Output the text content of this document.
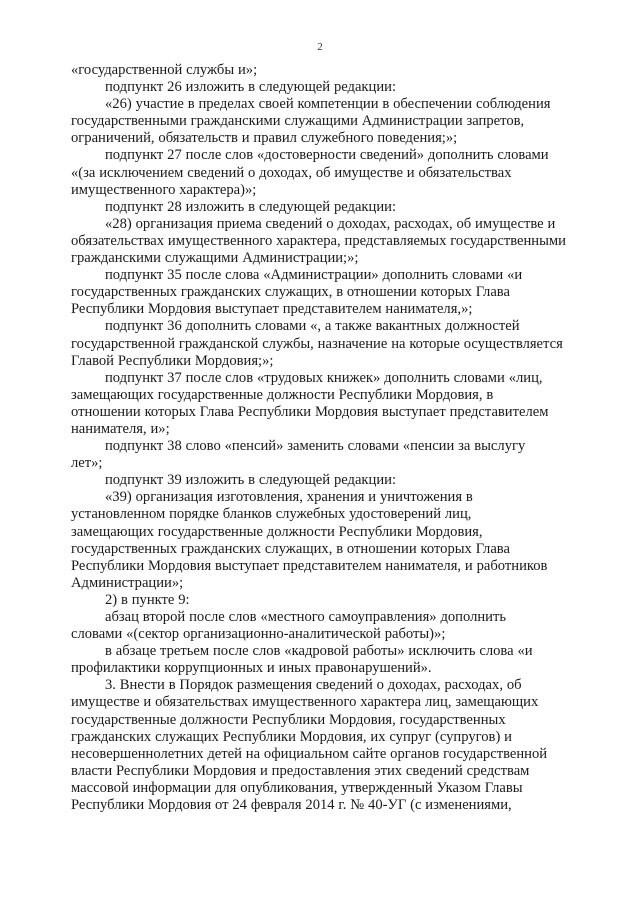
2

«государственной службы и»;

подпункт 26 изложить в следующей редакции:

«26) участие в пределах своей компетенции в обеспечении соблюдения
государственными гражданскими служащими Администрации запретов,
ограничений, обязательств и правил служебного поведения;»;

подпункт 27 после слов «достоверности сведений» дополнить словами
«(за исключением сведений о доходах, об имуществе и обязательствах
имущественного характера)»;

подпункт 28 изложить в следующей редакции:

«28) организация приема сведений о доходах, расходах, об имуществе и
обязательствах имущественного характера, представляемых государственными
гражданскими служащими Администрации;»;

подпункт 35 после слова «Администрации» дополнить словами «и
государственных гражданских служащих, в отношении которых Глава
Республики Мордовия выступает представителем нанимателя,»;

подпункт 36 дополнить словами «, а также вакантных должностей
государственной гражданской службы, назначение на которые осуществляется
Главой Республики Мордовия;»;

подпункт 37 после слов «трудовых книжек» дополнить словами «лиц,
замещающих государственные должности Республики Мордовия, в
отношении которых Глава Республики Мордовия выступает представителем
нанимателя, и»;

подпункт 38 слово «пенсий» заменить словами «пенсии за выслугу
лет»;

подпункт 39 изложить в следующей редакции:

«39) организация изготовления, хранения и уничтожения в
установленном порядке бланков служебных удостоверений лиц,
замещающих государственные должности Республики Мордовия,
государственных гражданских служащих, в отношении которых Глава
Республики Мордовия выступает представителем нанимателя, и работников
Администрации»;

2) в пункте 9:

абзац второй после слов «местного самоуправления» дополнить
словами «(сектор организационно-аналитической работы)»;

в абзаце третьем после слов «кадровой работы» исключить слова «и
профилактики коррупционных и иных правонарушений».

3. Внести в Порядок размещения сведений о доходах, расходах, об
имуществе и обязательствах имущественного характера лиц, замещающих
государственные должности Республики Мордовия, государственных
гражданских служащих Республики Мордовия, их супруг (супругов) и
несовершеннолетних детей на официальном сайте органов государственной
власти Республики Мордовия и предоставления этих сведений средствам
массовой информации для опубликования, утвержденный Указом Главы
Республики Мордовия от 24 февраля 2014 г. № 40-УГ (с изменениями,
